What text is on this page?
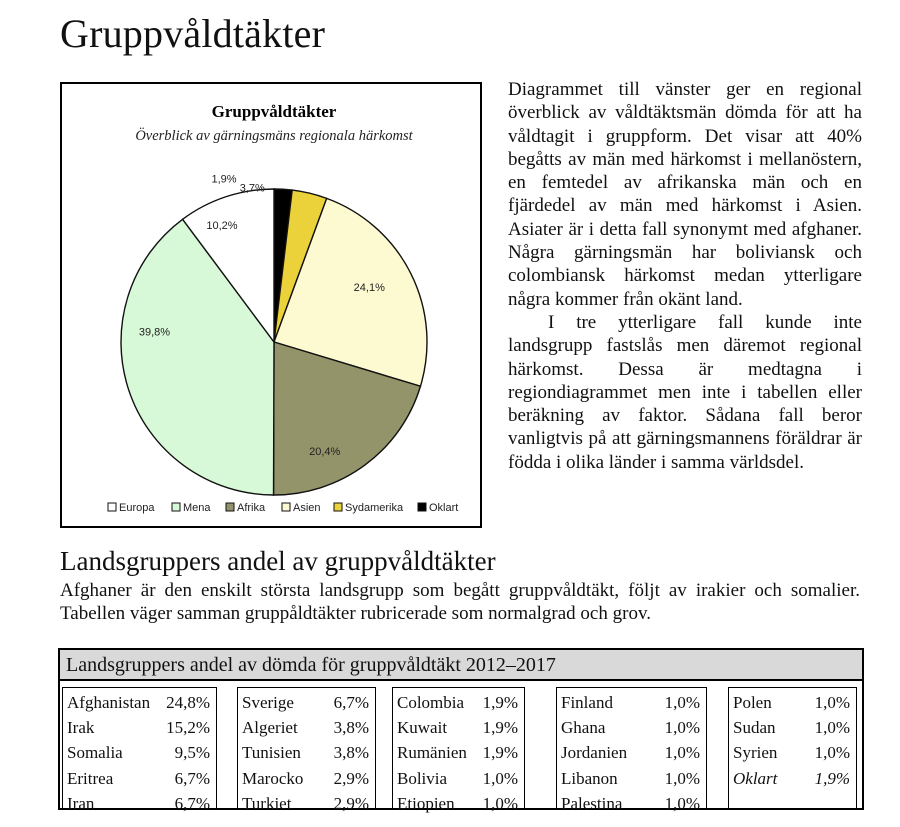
Gruppvåldtäkter
Gruppvåldtäkter
Överblick av gärningsmäns regionala härkomst
1,9%
3,7%
24,1%
20,4%
39,8%
10,2%
Europa	Mena Afrika	Asien Sydamerika Oklart

Diagrammet till vänster ger en regional överblick av våldtäktsmän dömda för att ha våldtagit i gruppform. Det visar att 40% begåtts av män med härkomst i mellanöstern, en femtedel av afrikanska män och en fjärdedel av män med härkomst i Asien. Asiater är i detta fall synonymt med afghaner. Några gärningsmän har boliviansk och colombiansk härkomst medan ytterligare några kommer från okänt land.

I tre ytterligare fall kunde inte landsgrupp fastslås men däremot regional härkomst. Dessa är medtagna i regiondiagrammet men inte i tabellen eller beräkning av faktor. Sådana fall beror vanligtvis på att gärningsmannens föräldrar är födda i olika länder i samma världsdel.

Landsgruppers andel av gruppvåldtäkter
Afghaner är den enskilt största landsgrupp som begått gruppvåldtäkt, följt av irakier och somalier. Tabellen väger samman gruppåldtäkter rubricerade som normalgrad och grov.
Landsgruppers andel av dömda för gruppvåldtäkt 2012–2017
Afghanistan 24,8%
Irak	15,2%
Somalia	9,5%
Eritrea	6,7%
Iran	6,7%
Sverige 6,7%
Algeriet 3,8%
Tunisien 3,8%
Marocko 2,9%
Turkiet 2,9%
Colombia 1,9%
Kuwait 1,9%
Rumänien 1,9%
Bolivia 1,0%
Etiopien 1,0%
Finland	1,0%
Ghana	1,0%
Jordanien 1,0%
Libanon	1,0%
Palestina 1,0%
Polen	1,0%
Sudan 1,0%
Syrien 1,0%
Oklart 1,9%
